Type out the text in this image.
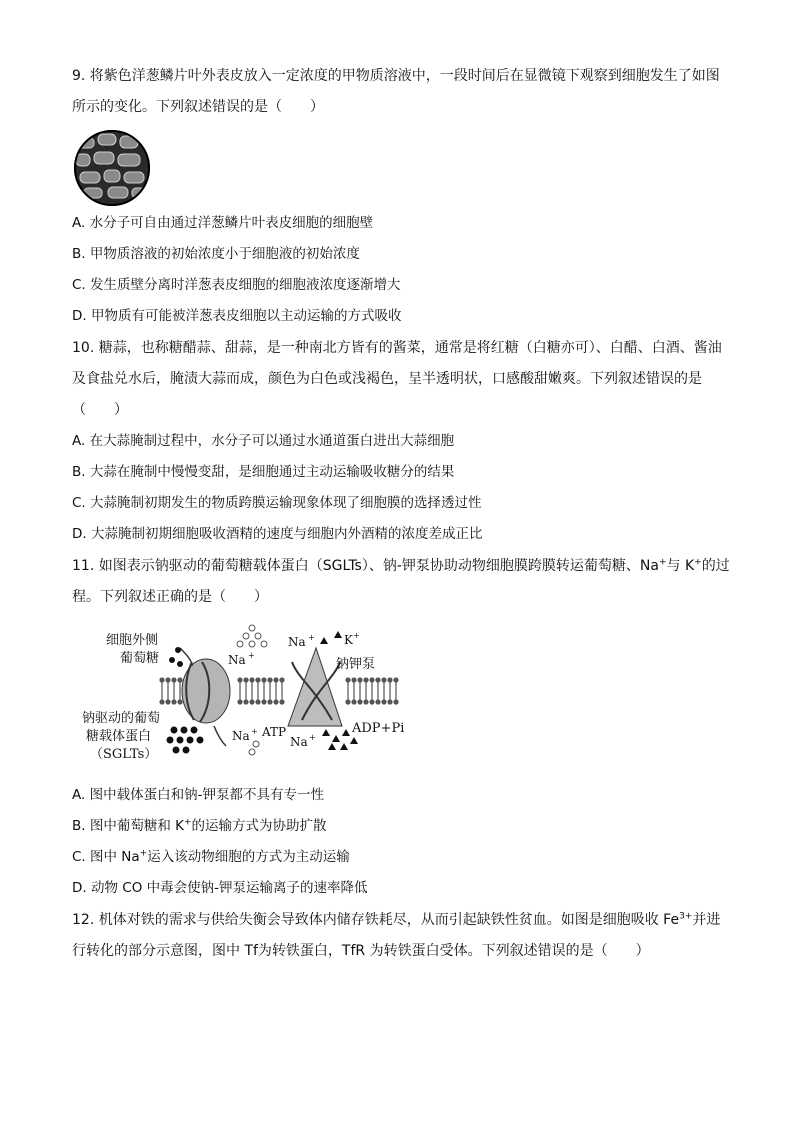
9. 将紫色洋葱鳞片叶外表皮放入一定浓度的甲物质溶液中，一段时间后在显微镜下观察到细胞发生了如图
所示的变化。下列叙述错误的是（　　）
A. 水分子可自由通过洋葱鳞片叶表皮细胞的细胞壁
B. 甲物质溶液的初始浓度小于细胞液的初始浓度
C. 发生质壁分离时洋葱表皮细胞的细胞液浓度逐渐增大
D. 甲物质有可能被洋葱表皮细胞以主动运输的方式吸收
10. 糖蒜，也称糖醋蒜、甜蒜，是一种南北方皆有的酱菜，通常是将红糖（白糖亦可）、白醋、白酒、酱油
及食盐兑水后，腌渍大蒜而成，颜色为白色或浅褐色，呈半透明状，口感酸甜嫩爽。下列叙述错误的是
（　　）
A. 在大蒜腌制过程中，水分子可以通过水通道蛋白进出大蒜细胞
B. 大蒜在腌制中慢慢变甜，是细胞通过主动运输吸收糖分的结果
C. 大蒜腌制初期发生的物质跨膜运输现象体现了细胞膜的选择透过性
D. 大蒜腌制初期细胞吸收酒精的速度与细胞内外酒精的浓度差成正比
11. 如图表示钠驱动的葡萄糖载体蛋白（SGLTs）、钠-钾泵协助动物细胞膜跨膜转运葡萄糖、Na+与 K+的过
程。下列叙述正确的是（　　）
细胞外侧
葡萄糖	Na +
Na + K +
钠钾泵
钠驱动的葡萄
糖载体蛋白
（SGLTs）
Na + ATP
Na +
ADP+Pi
A. 图中载体蛋白和钠-钾泵都不具有专一性
B. 图中葡萄糖和 K+的运输方式为协助扩散
C. 图中 Na+运入该动物细胞的方式为主动运输
D. 动物 CO 中毒会使钠-钾泵运输离子的速率降低
12. 机体对铁的需求与供给失衡会导致体内储存铁耗尽，从而引起缺铁性贫血。如图是细胞吸收 $Fe^{3+}$并进
行转化的部分示意图，图中 Tf为转铁蛋白，TfR 为转铁蛋白受体。下列叙述错误的是（　　）
